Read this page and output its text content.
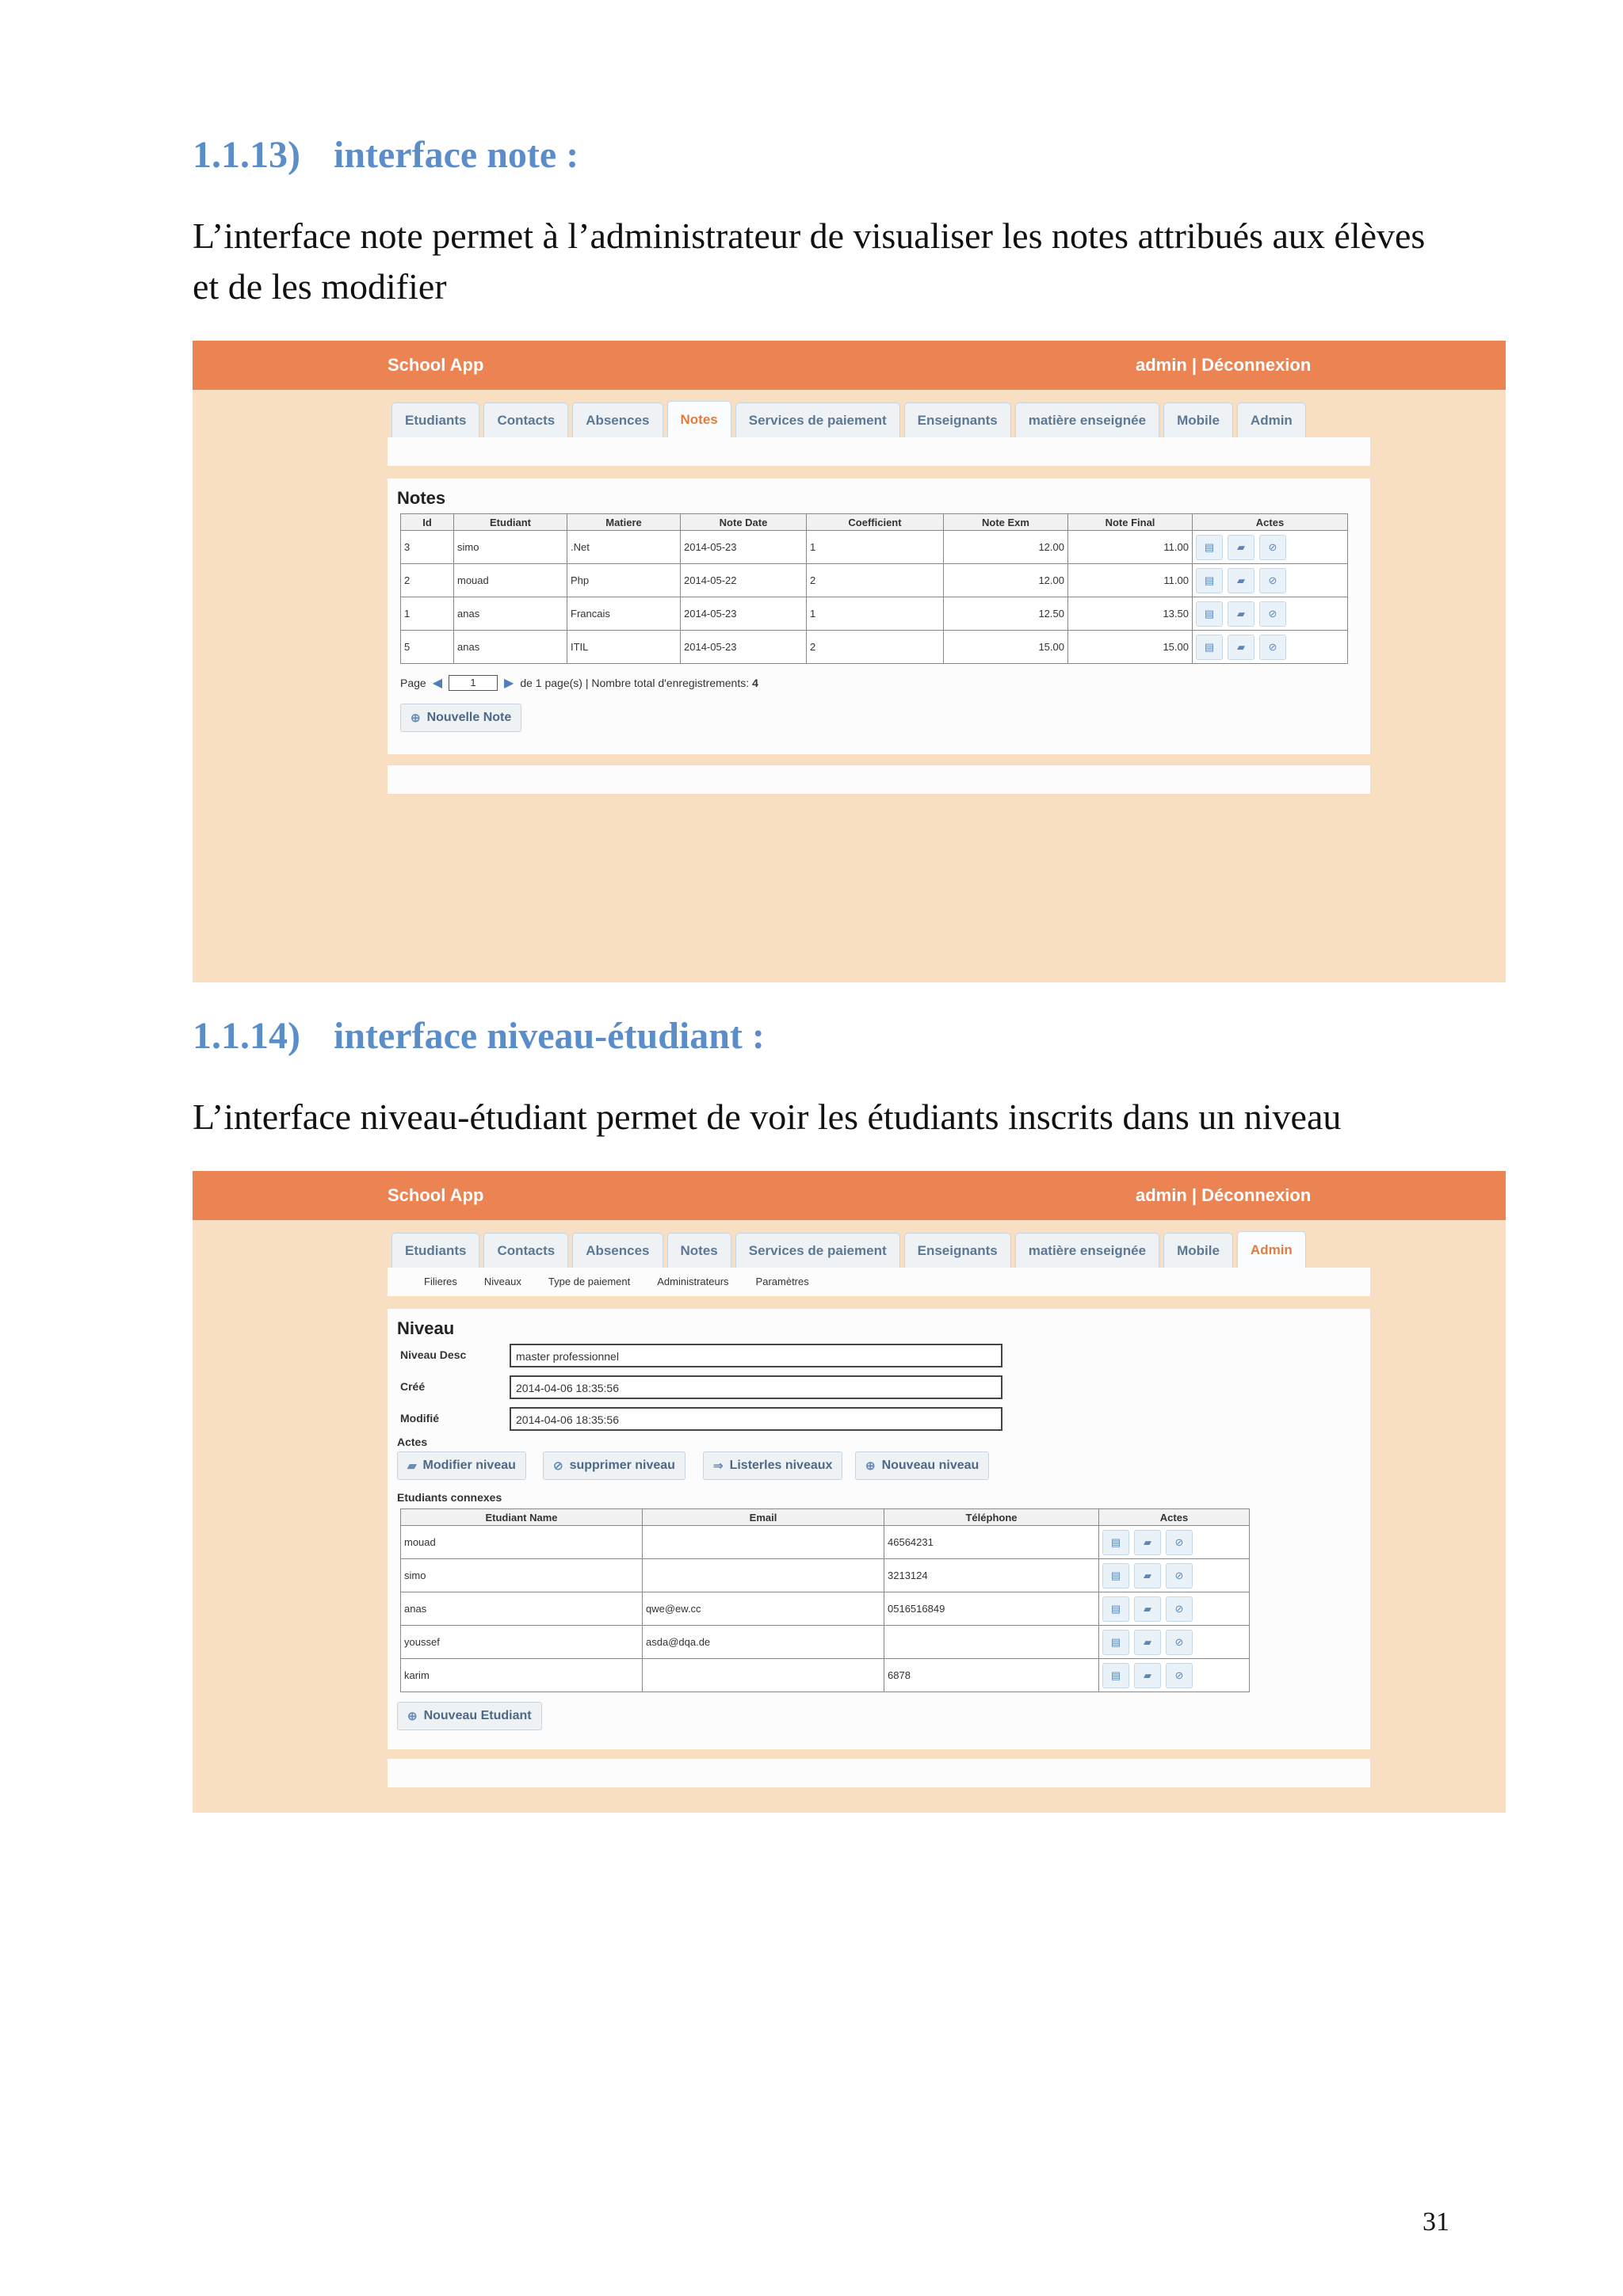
1.1.13) interface note :
L’interface note permet à l’administrateur de visualiser les notes attribués aux élèves et de les modifier
School App	admin | Déconnexion
Etudiants	Contacts	Absences	Notes	Services de paiement	Enseignants	matière enseignée	Mobile	Admin
Notes
Id	Etudiant	Matiere	Note Date	Coefficient	Note Exm	Note Final	Actes
3	simo	.Net	2014-05-23	1	12.00	11.00	▤ ▰ ⊘

2	mouad	Php	2014-05-22	2	12.00	11.00	▤ ▰ ⊘

1	anas	Francais	2014-05-23	1	12.50	13.50	▤ ▰ ⊘

5	anas	ITIL	2014-05-23	2	15.00	15.00	▤ ▰ ⊘
Page ◀	1	▶ de 1 page(s) | Nombre total d'enregistrements: 4
⊕ Nouvelle Note
1.1.14) interface niveau-étudiant :
L’interface niveau-étudiant permet de voir les étudiants inscrits dans un niveau
School App	admin | Déconnexion
Etudiants	Contacts	Absences	Notes	Services de paiement	Enseignants	matière enseignée	Mobile	Admin
Filieres	Niveaux	Type de paiement	Administrateurs	Paramètres
Niveau
Niveau Desc	master professionnel
Créé	2014-04-06 18:35:56
Modifié	2014-04-06 18:35:56
Actes
▰ Modifier niveau	⊘ supprimer niveau	⇒ Listerles niveaux	⊕ Nouveau niveau
Etudiants connexes
Etudiant Name	Email	Téléphone	Actes
mouad		46564231	▤ ▰ ⊘

simo		3213124	▤ ▰ ⊘

anas	qwe@ew.cc	0516516849	▤ ▰ ⊘

youssef	asda@dqa.de		▤ ▰ ⊘

karim		6878	▤ ▰ ⊘
⊕ Nouveau Etudiant
31
